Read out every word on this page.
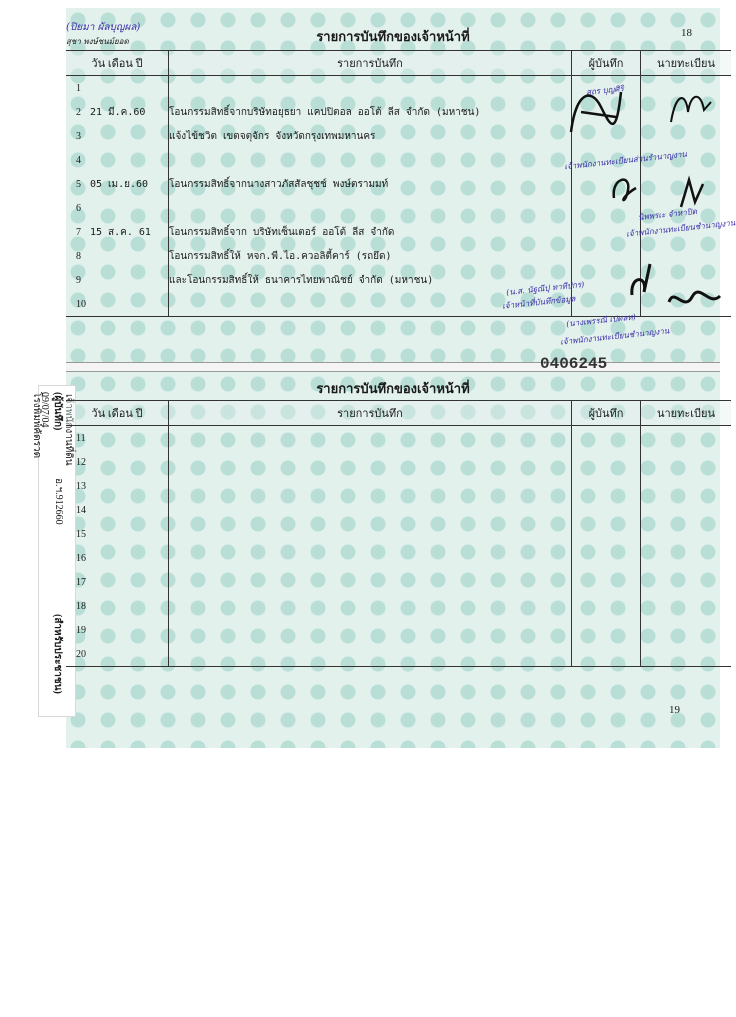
เจ้าพนักงานที่ดิน
(ผู้บันทึก)
อ.ฯ.912660
09/07/04
โรงพิมพ์คัดรวด
(สำหรับประชาชน)
รายการบันทึกของเจ้าหน้าที่	18
วัน เดือน ปี	รายการบันทึก	ผู้บันทึก	นายทะเบียน
1			
2 21 มี.ค.60	โอนกรรมสิทธิ์จากบริษัทอยุธยา แคปปิตอล ออโต้ ลีส จำกัด (มหาชน)		
3	แจ้งไข้ชวิต เขตจตุจักร จังหวัดกรุงเทพมหานคร		
4			
5 05 เม.ย.60	โอนกรรมสิทธิ์จากนางสาวภัสสัลชุชช์ พงษ์ตรามมท์		
6			
7 15 ส.ค. 61	โอนกรรมสิทธิ์จาก บริษัทเซ็นเตอร์ ออโต้ ลีส จำกัด		
8	โอนกรรมสิทธิ์ให้ หจก.พี.ไอ.ควอลิตี้คาร์ (รถยึด)		
9	และโอนกรรมสิทธิ์ให้ ธนาคารไทยพาณิชย์ จำกัด (มหาชน)		
10			
สถร บุญศิริ
(ปิยมา ผัลบุญผล)
เจ้าพนักงานทะเบียนส่วนรำนาญงาน
สุชา พงษ์ชนม์ยอด
นิพพรเะ จำหาปิด
เจ้าพนักงานทะเบียนชำนาญงาน
(น.ส. นัฐณีปุ ทาทีปกร)
เจ้าหน้าที่บันทึกข้อมูล
(นางเพรรณี เปดลห)
เจ้าพนักงานทะเบียนชำนาญงาน
0406245
รายการบันทึกของเจ้าหน้าที่
วัน เดือน ปี	รายการบันทึก	ผู้บันทึก	นายทะเบียน
11			
12			
13			
14			
15			
16			
17			
18			
19			
20			
19
